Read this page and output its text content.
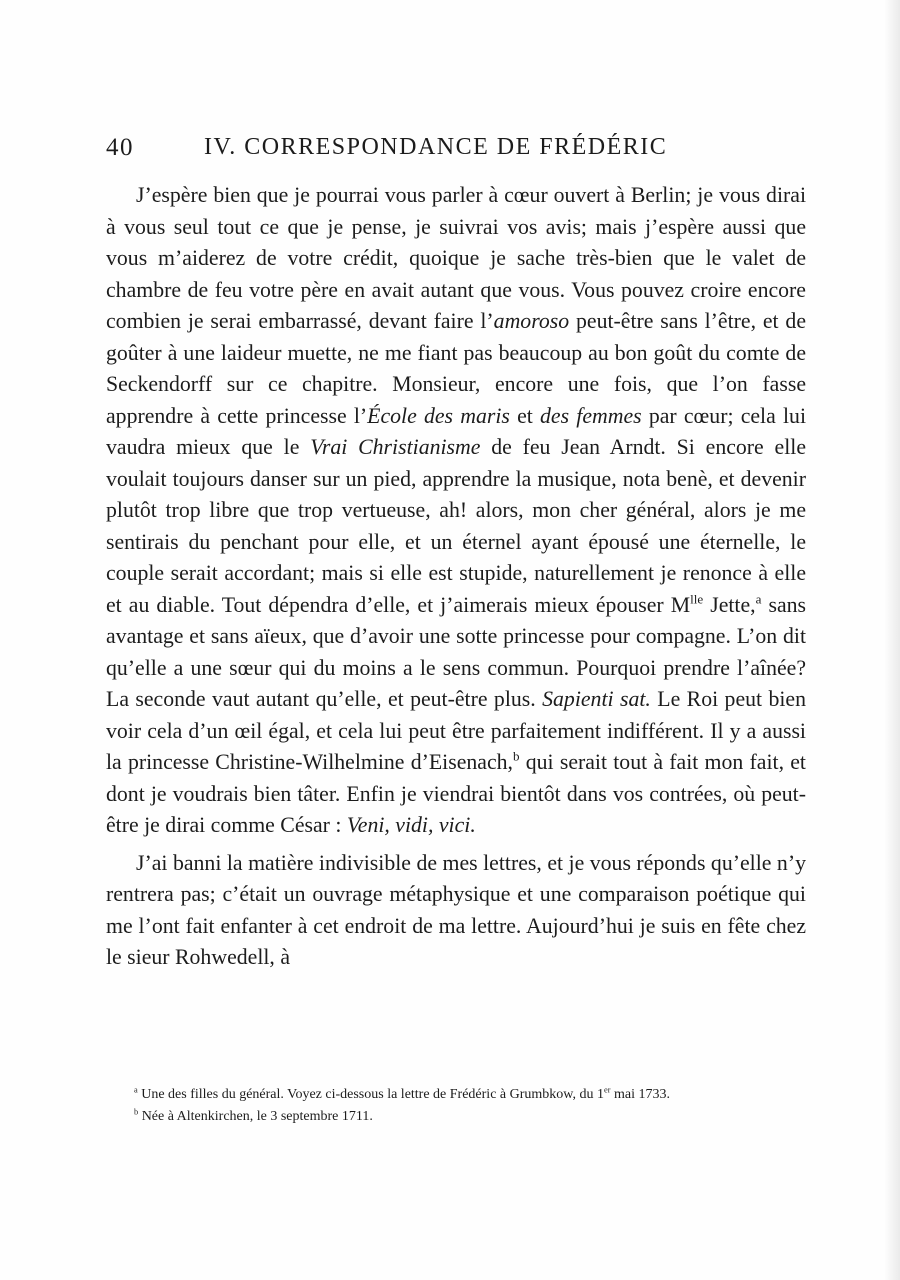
40	IV. CORRESPONDANCE DE FRÉDÉRIC

J’espère bien que je pourrai vous parler à cœur ouvert à Berlin; je vous dirai à vous seul tout ce que je pense, je suivrai vos avis; mais j’espère aussi que vous m’aiderez de votre crédit, quoique je sache très-bien que le valet de chambre de feu votre père en avait autant que vous. Vous pouvez croire encore combien je serai embarrassé, devant faire l’amoroso peut-être sans l’être, et de goûter à une laideur muette, ne me fiant pas beaucoup au bon goût du comte de Seckendorff sur ce chapitre. Monsieur, encore une fois, que l’on fasse apprendre à cette princesse l’École des maris et des femmes par cœur; cela lui vaudra mieux que le Vrai Christianisme de feu Jean Arndt. Si encore elle voulait toujours danser sur un pied, apprendre la musique, nota benè, et devenir plutôt trop libre que trop vertueuse, ah! alors, mon cher général, alors je me sentirais du penchant pour elle, et un éternel ayant épousé une éternelle, le couple serait accordant; mais si elle est stupide, naturellement je renonce à elle et au diable. Tout dépendra d’elle, et j’aimerais mieux épouser $M^{lle}$ Jette,$^a$ sans avantage et sans aïeux, que d’avoir une sotte princesse pour compagne. L’on dit qu’elle a une sœur qui du moins a le sens commun. Pourquoi prendre l’aînée? La seconde vaut autant qu’elle, et peut-être plus. Sapienti sat. Le Roi peut bien voir cela d’un œil égal, et cela lui peut être parfaitement indifférent. Il y a aussi la princesse Christine-Wilhelmine d’Eisenach,$^b$ qui serait tout à fait mon fait, et dont je voudrais bien tâter. Enfin je viendrai bientôt dans vos contrées, où peut-être je dirai comme César : Veni, vidi, vici.

J’ai banni la matière indivisible de mes lettres, et je vous réponds qu’elle n’y rentrera pas; c’était un ouvrage métaphysique et une comparaison poétique qui me l’ont fait enfanter à cet endroit de ma lettre. Aujourd’hui je suis en fête chez le sieur Rohwedell, à

$^a$ Une des filles du général. Voyez ci-dessous la lettre de Frédéric à Grumbkow, du 1er mai 1733.

$^b$ Née à Altenkirchen, le 3 septembre 1711.
